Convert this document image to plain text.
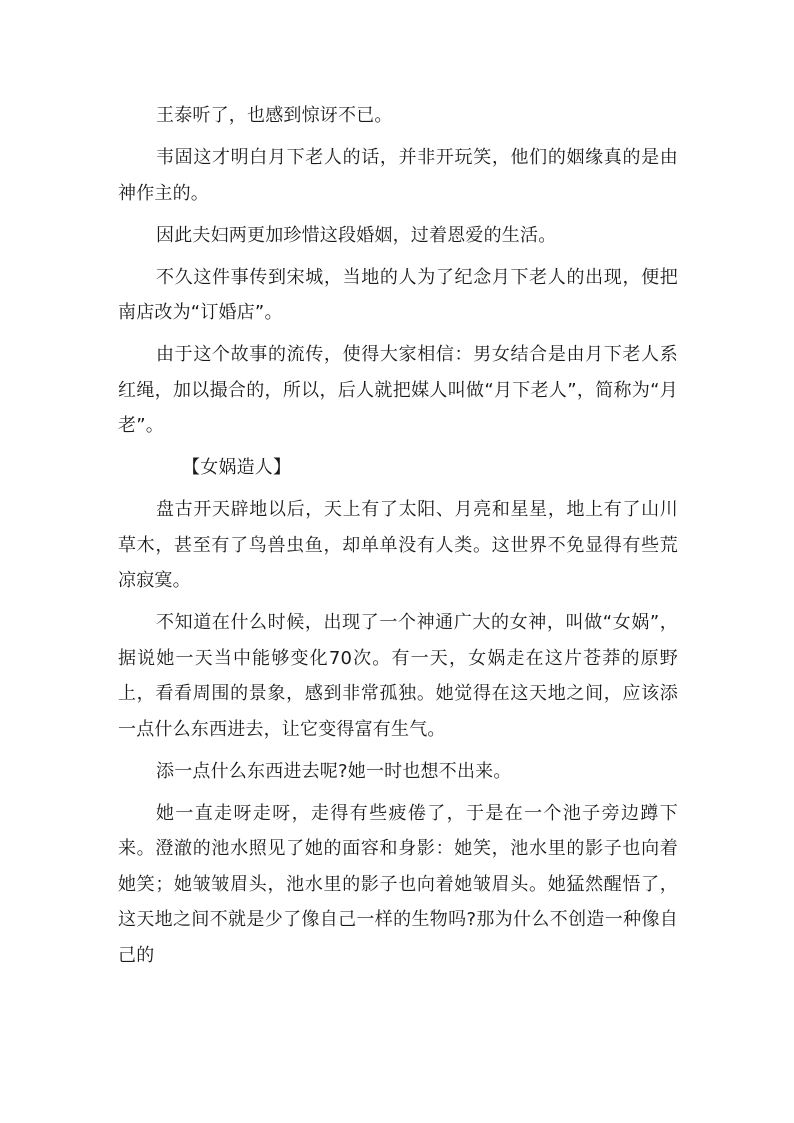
王泰听了，也感到惊讶不已。

韦固这才明白月下老人的话，并非开玩笑，他们的姻缘真的是由神作主的。

因此夫妇两更加珍惜这段婚姻，过着恩爱的生活。

不久这件事传到宋城，当地的人为了纪念月下老人的出现，便把南店改为“订婚店”。

由于这个故事的流传，使得大家相信：男女结合是由月下老人系红绳，加以撮合的，所以，后人就把媒人叫做“月下老人”，简称为“月老”。

【女娲造人】

盘古开天辟地以后，天上有了太阳、月亮和星星，地上有了山川草木，甚至有了鸟兽虫鱼，却单单没有人类。这世界不免显得有些荒凉寂寞。

不知道在什么时候，出现了一个神通广大的女神，叫做“女娲”，据说她一天当中能够变化70次。有一天，女娲走在这片苍莽的原野上，看看周围的景象，感到非常孤独。她觉得在这天地之间，应该添一点什么东西进去，让它变得富有生气。

添一点什么东西进去呢?她一时也想不出来。

她一直走呀走呀，走得有些疲倦了，于是在一个池子旁边蹲下来。澄澈的池水照见了她的面容和身影：她笑，池水里的影子也向着她笑；她皱皱眉头，池水里的影子也向着她皱眉头。她猛然醒悟了，这天地之间不就是少了像自己一样的生物吗?那为什么不创造一种像自己的
